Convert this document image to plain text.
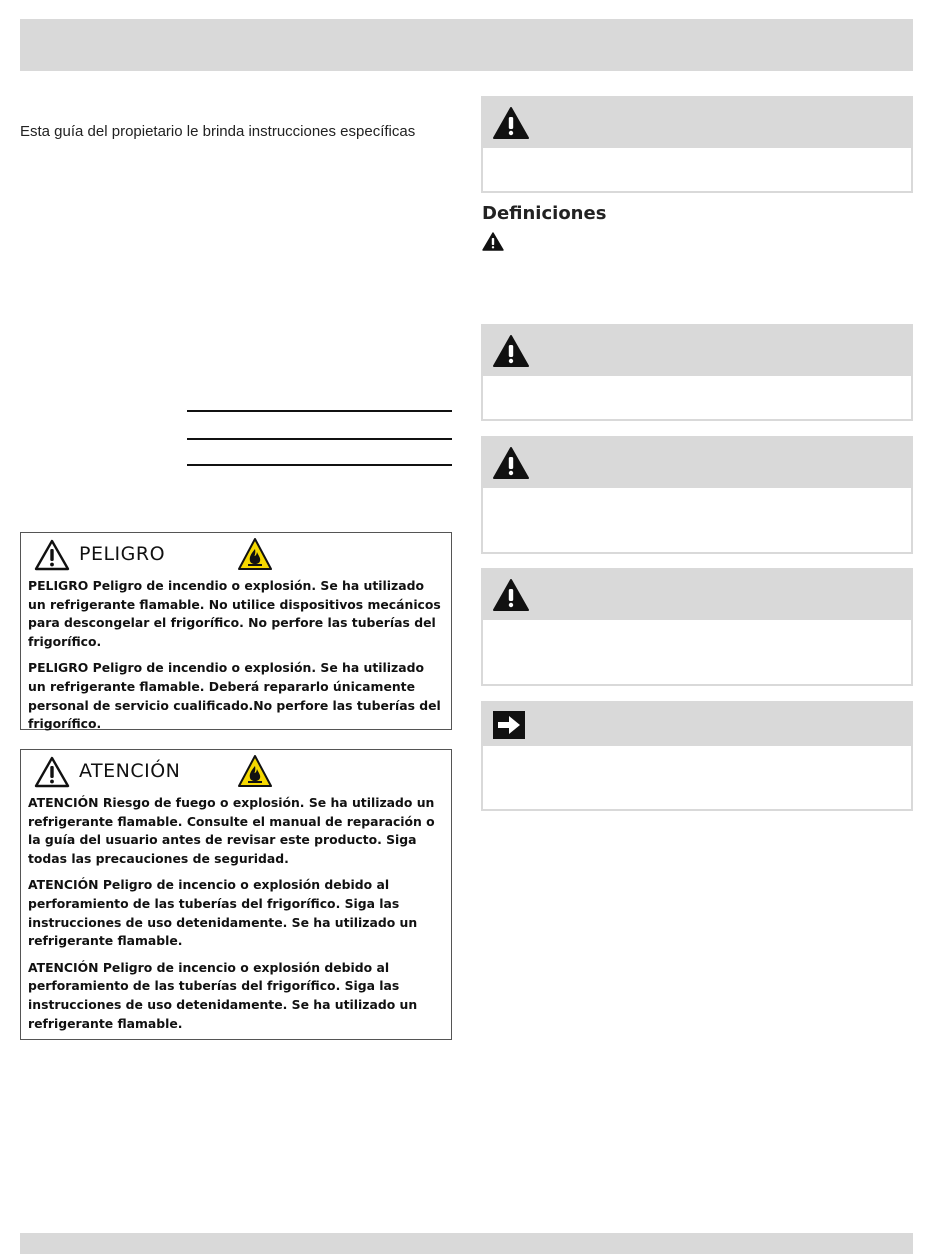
Esta guía del propietario le brinda instrucciones específicas
PELIGRO

PELIGRO Peligro de incendio o explosión. Se ha utilizado un refrigerante flamable. No utilice dispositivos mecánicos para descongelar el frigorífico. No perfore las tuberías del frigorífico.

PELIGRO Peligro de incendio o explosión. Se ha utilizado un refrigerante flamable. Deberá repararlo únicamente personal de servicio cualificado.No perfore las tuberías del frigorífico.

ATENCIÓN

ATENCIÓN Riesgo de fuego o explosión. Se ha utilizado un refrigerante flamable. Consulte el manual de reparación o la guía del usuario antes de revisar este producto. Siga todas las precauciones de seguridad.

ATENCIÓN Peligro de incencio o explosión debido al perforamiento de las tuberías del frigorífico. Siga las instrucciones de uso detenidamente. Se ha utilizado un refrigerante flamable.

ATENCIÓN Peligro de incencio o explosión debido al perforamiento de las tuberías del frigorífico. Siga las instrucciones de uso detenidamente. Se ha utilizado un refrigerante flamable.

Definiciones
